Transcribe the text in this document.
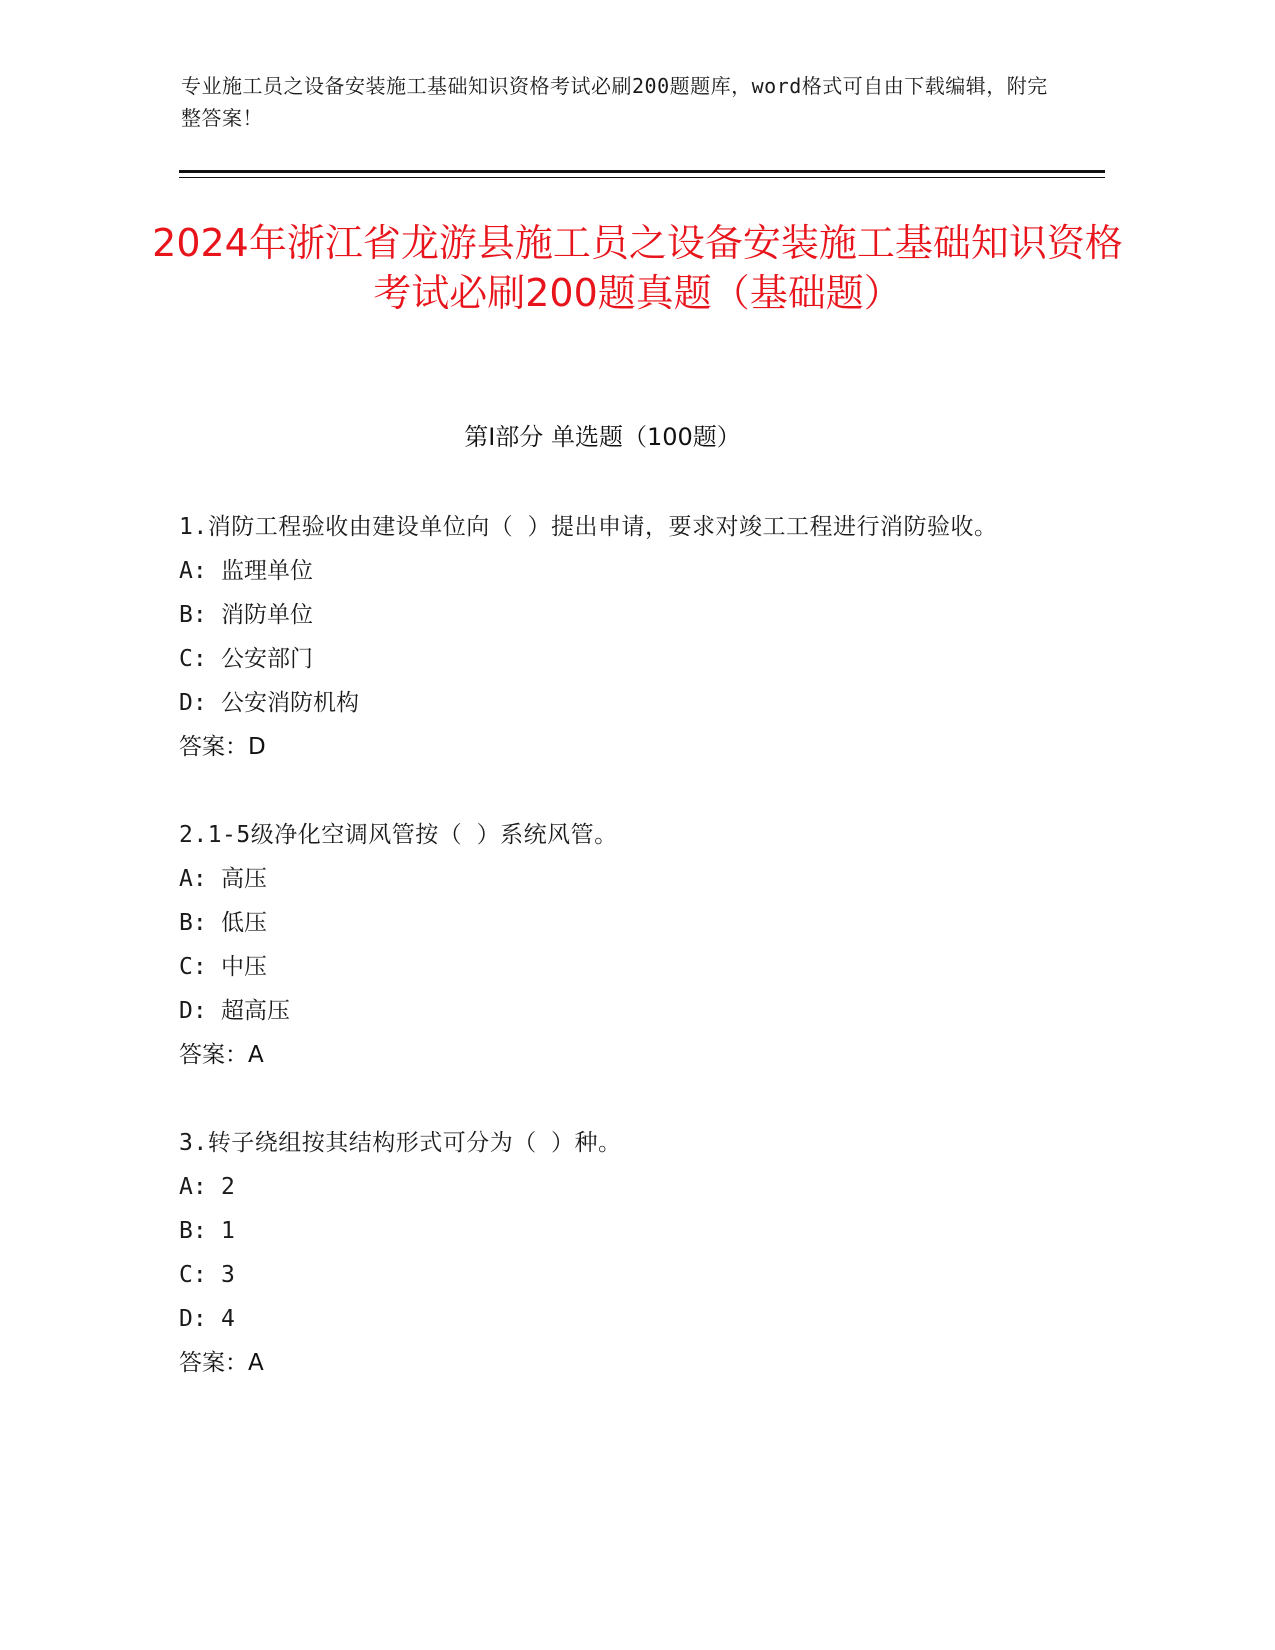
专业施工员之设备安装施工基础知识资格考试必刷200题题库，word格式可自由下载编辑，附完整答案！
2024年浙江省龙游县施工员之设备安装施工基础知识资格考试必刷200题真题（基础题）
第Ⅰ部分 单选题（100题）
1.消防工程验收由建设单位向（ ）提出申请，要求对竣工工程进行消防验收。
A: 监理单位
B: 消防单位
C: 公安部门
D: 公安消防机构
答案：D
2.1-5级净化空调风管按（ ）系统风管。
A: 高压
B: 低压
C: 中压
D: 超高压
答案：A
3.转子绕组按其结构形式可分为（ ）种。
A: 2
B: 1
C: 3
D: 4
答案：A
